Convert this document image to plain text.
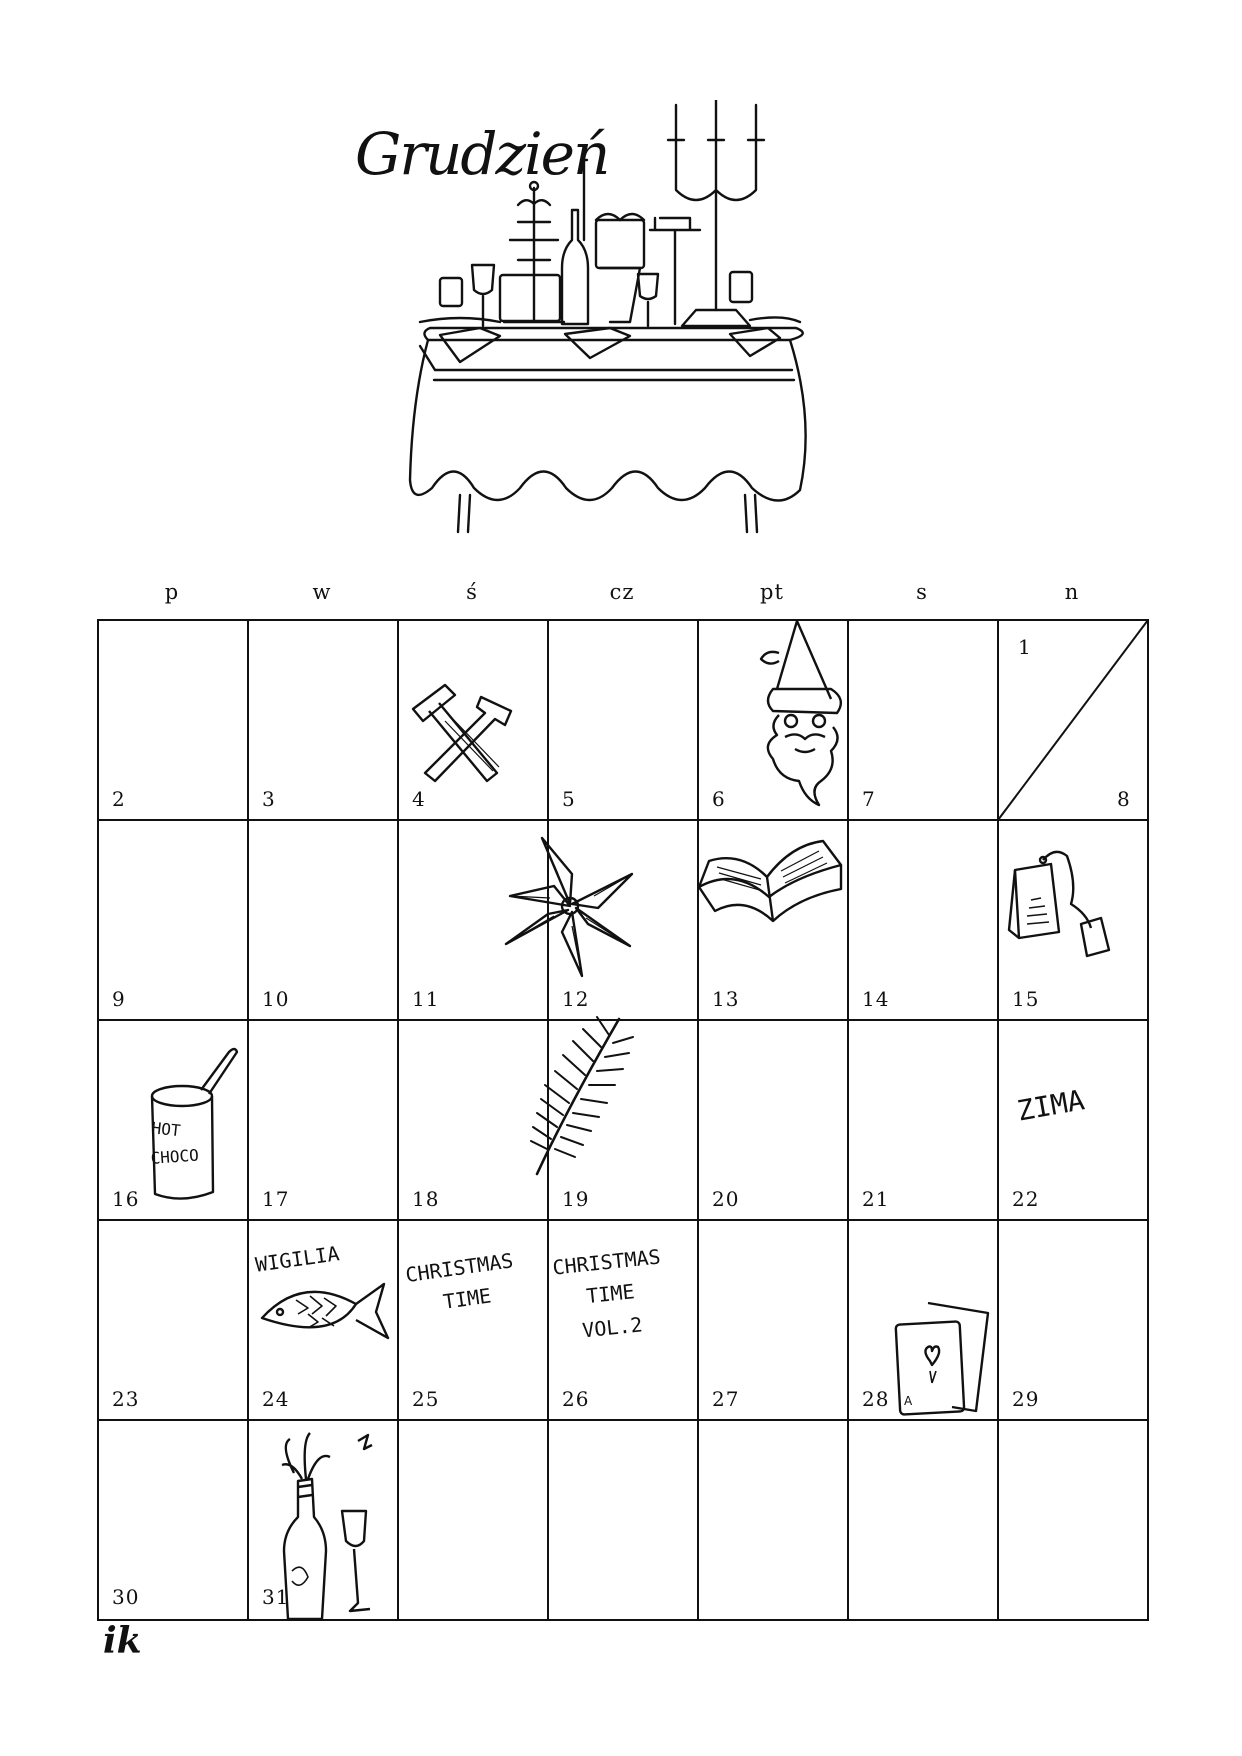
Grudzień
p	w	ś	cz	pt	s	n
1
2	3	4	5	6	7	8
9	10	11	12	13	14	15
16	17	18	19	20	21	22
23	24	25	26	27	28	29
30	31
HOT
CHOCO
ZIMA
WIGILIA	CHRISTMAS
TIME
CHRISTMAS
TIME
VOL.2
A
ik
